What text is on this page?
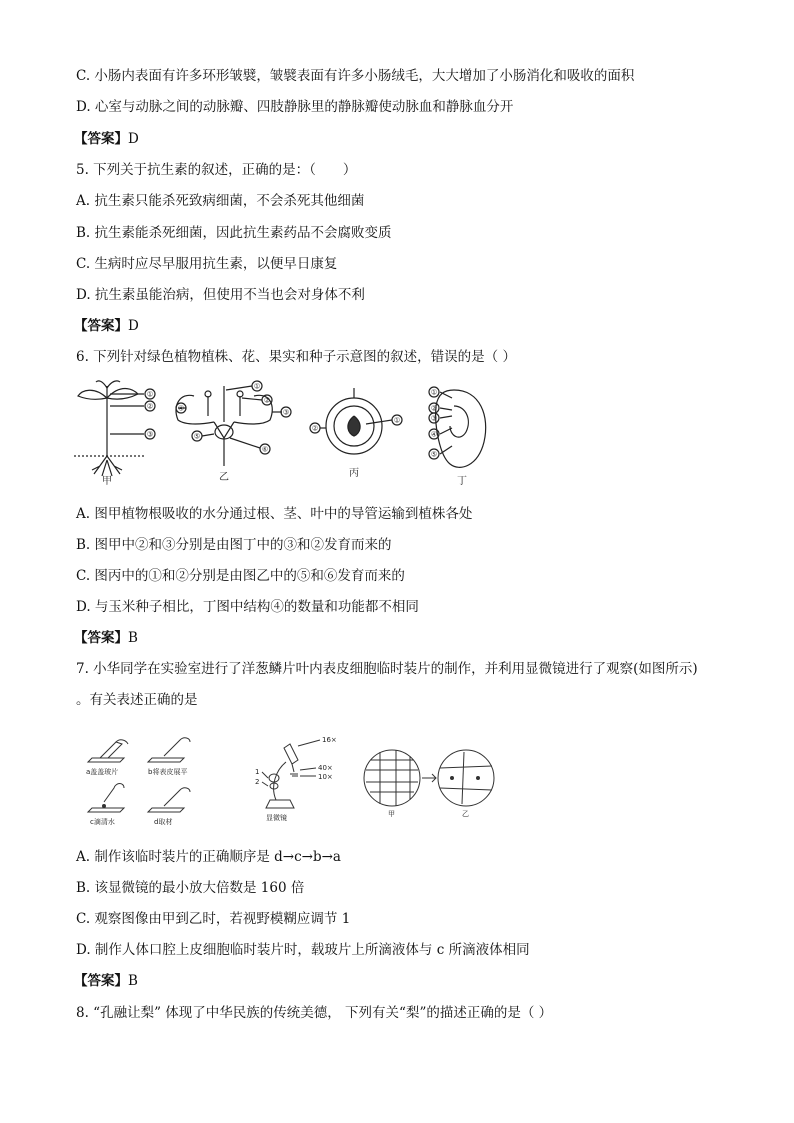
C. 小肠内表面有许多环形皱襞，皱襞表面有许多小肠绒毛，大大增加了小肠消化和吸收的面积
D. 心室与动脉之间的动脉瓣、四肢静脉里的静脉瓣使动脉血和静脉血分开
【答案】D
5. 下列关于抗生素的叙述，正确的是：（　　）
A. 抗生素只能杀死致病细菌，不会杀死其他细菌
B. 抗生素能杀死细菌，因此抗生素药品不会腐败变质
C. 生病时应尽早服用抗生素，以便早日康复
D. 抗生素虽能治病，但使用不当也会对身体不利
【答案】D
6. 下列针对绿色植物植株、花、果实和种子示意图的叙述，错误的是（ ）
①
②
③
①
②
③
④
⑤
⑥
①
②
①
②
③
④
⑤
甲	乙	丙
丁
A. 图甲植物根吸收的水分通过根、茎、叶中的导管运输到植株各处
B. 图甲中②和③分别是由图丁中的③和②发育而来的
C. 图丙中的①和②分别是由图乙中的⑤和⑥发育而来的
D. 与玉米种子相比，丁图中结构④的数量和功能都不相同
【答案】B
7. 小华同学在实验室进行了洋葱鳞片叶内表皮细胞临时装片的制作，并利用显微镜进行了观察(如图所示)
。有关表述正确的是
a盖盖玻片	b将表皮展平
c滴清水	d取材
16×
40×
10×
1
2
显微镜	甲	乙
A. 制作该临时装片的正确顺序是 d→c→b→a
B. 该显微镜的最小放大倍数是 160 倍
C. 观察图像由甲到乙时，若视野模糊应调节 1
D. 制作人体口腔上皮细胞临时装片时，载玻片上所滴液体与 c 所滴液体相同
【答案】B
8. “孔融让梨” 体现了中华民族的传统美德， 下列有关“梨”的描述正确的是（ ）
